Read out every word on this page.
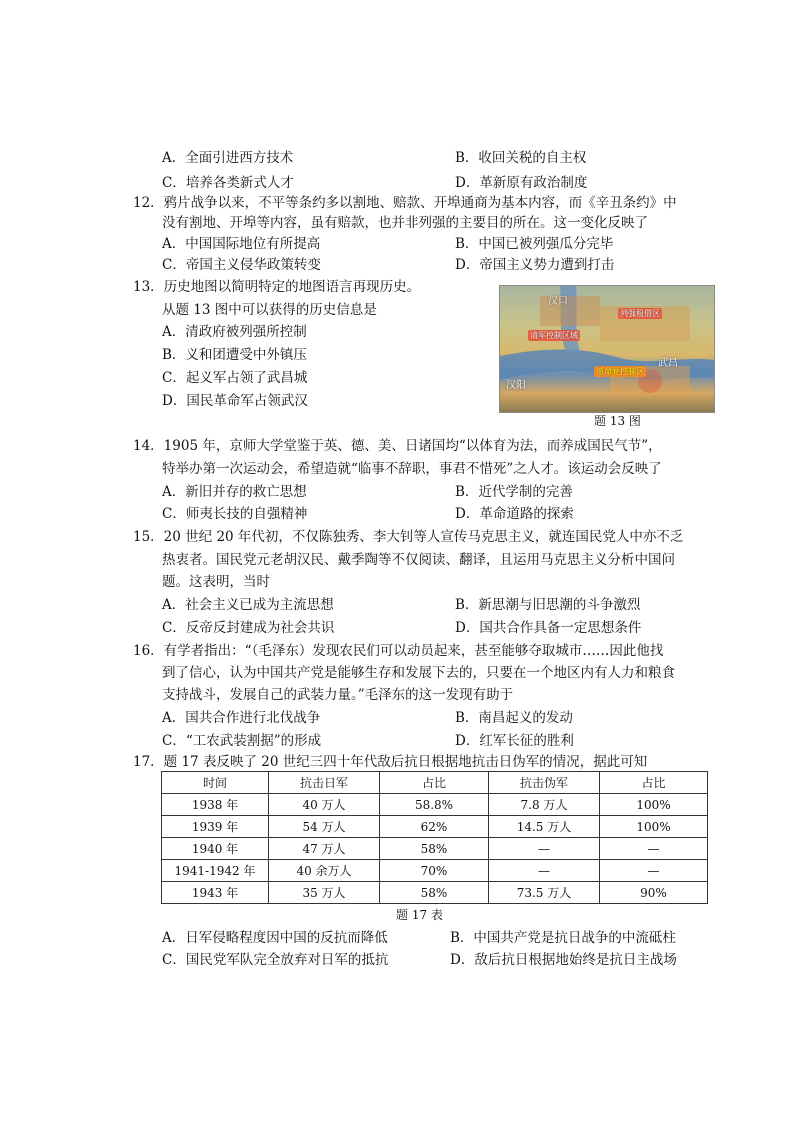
A．全面引进西方技术	B．收回关税的自主权
C．培养各类新式人才	D．革新原有政治制度
12．鸦片战争以来，不平等条约多以割地、赔款、开埠通商为基本内容，而《辛丑条约》中
没有割地、开埠等内容，虽有赔款，也并非列强的主要目的所在。这一变化反映了
A．中国国际地位有所提高	B．中国已被列强瓜分完毕
C．帝国主义侵华政策转变	D．帝国主义势力遭到打击
13．历史地图以简明特定的地图语言再现历史。
从题 13 图中可以获得的历史信息是
A．清政府被列强所控制
B．义和团遭受中外镇压
C．起义军占领了武昌城
D．国民革命军占领武汉
汉口
列强租借区
清军控制区域
武昌
革命党控制区
汉阳
题 13 图
14．1905 年，京师大学堂鉴于英、德、美、日诸国均“以体育为法，而养成国民气节”，
特举办第一次运动会，希望造就“临事不辞职，事君不惜死”之人才。该运动会反映了
A．新旧并存的救亡思想	B．近代学制的完善
C．师夷长技的自强精神	D．革命道路的探索
15．20 世纪 20 年代初，不仅陈独秀、李大钊等人宣传马克思主义，就连国民党人中亦不乏
热衷者。国民党元老胡汉民、戴季陶等不仅阅读、翻译，且运用马克思主义分析中国问
题。这表明，当时
A．社会主义已成为主流思想	B．新思潮与旧思潮的斗争激烈
C．反帝反封建成为社会共识	D．国共合作具备一定思想条件
16．有学者指出：“（毛泽东）发现农民们可以动员起来，甚至能够夺取城市……因此他找
到了信心，认为中国共产党是能够生存和发展下去的，只要在一个地区内有人力和粮食
支持战斗，发展自己的武装力量。”毛泽东的这一发现有助于
A．国共合作进行北伐战争	B．南昌起义的发动
C．“工农武装割据”的形成	D．红军长征的胜利
17．题 17 表反映了 20 世纪三四十年代敌后抗日根据地抗击日伪军的情况，据此可知
时间	抗击日军	占比	抗击伪军	占比
1938 年	40 万人	58.8%	7.8 万人	100%
1939 年	54 万人	62%	14.5 万人	100%
1940 年	47 万人	58%	—	—
1941-1942 年	40 余万人	70%	—	—
1943 年	35 万人	58%	73.5 万人	90%
题 17 表
A．日军侵略程度因中国的反抗而降低	B．中国共产党是抗日战争的中流砥柱
C．国民党军队完全放弃对日军的抵抗	D．敌后抗日根据地始终是抗日主战场
